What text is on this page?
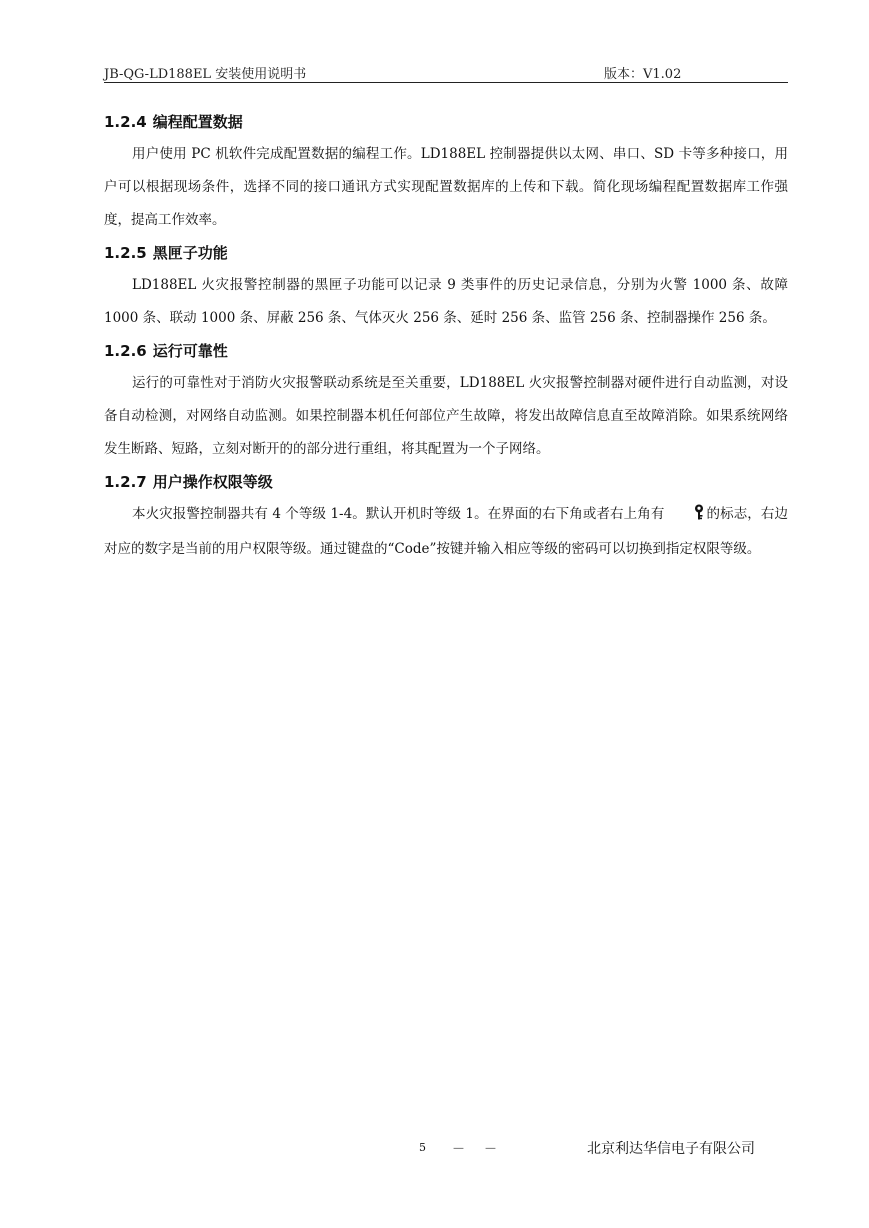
JB-QG-LD188EL 安装使用说明书	版本：V1.02
1.2.4 编程配置数据

用户使用 PC 机软件完成配置数据的编程工作。LD188EL 控制器提供以太网、串口、SD 卡等多种接口，用户可以根据现场条件，选择不同的接口通讯方式实现配置数据库的上传和下载。简化现场编程配置数据库工作强度，提高工作效率。

1.2.5 黑匣子功能

LD188EL 火灾报警控制器的黑匣子功能可以记录 9 类事件的历史记录信息，分别为火警 1000 条、故障 1000 条、联动 1000 条、屏蔽 256 条、气体灭火 256 条、延时 256 条、监管 256 条、控制器操作 256 条。

1.2.6 运行可靠性

运行的可靠性对于消防火灾报警联动系统是至关重要，LD188EL 火灾报警控制器对硬件进行自动监测，对设备自动检测，对网络自动监测。如果控制器本机任何部位产生故障，将发出故障信息直至故障消除。如果系统网络发生断路、短路，立刻对断开的的部分进行重组，将其配置为一个子网络。

1.2.7 用户操作权限等级

本火灾报警控制器共有 4 个等级 1-4。默认开机时等级 1。在界面的右下角或者右上角有	的标志，右边对应的数字是当前的用户权限等级。通过键盘的“Code”按键并输入相应等级的密码可以切换到指定权限等级。

5 － －	北京利达华信电子有限公司
